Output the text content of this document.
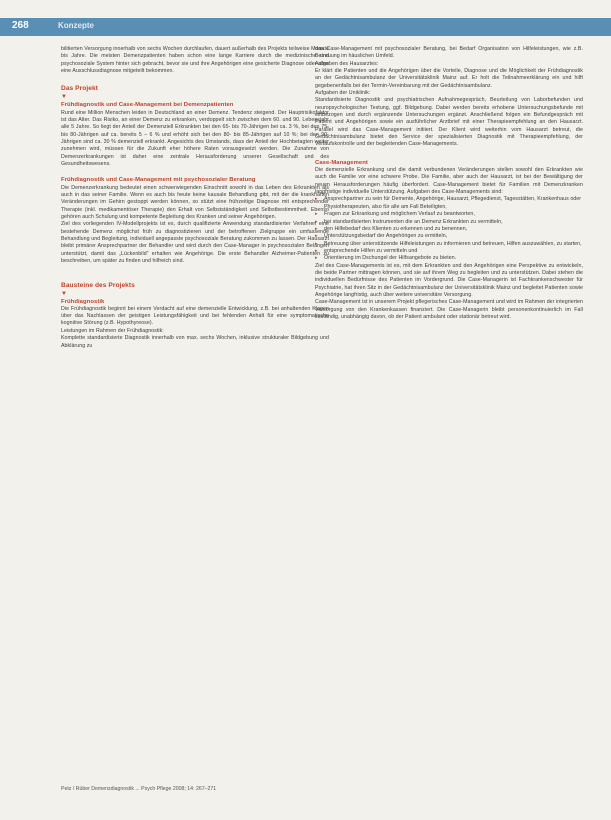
268	Konzepte

bilitierten Versorgung innerhalb von sechs Wochen durchlaufen, dauert außerhalb des Projekts teilweise Monate bis Jahre. Die meisten Demenzpatienten haben schon eine lange Karriere durch die medizinische und psychosoziale System hinter sich gebracht, bevor sie und ihre Angehörigen eine gesicherte Diagnose oder aber eine Ausschlussdiagnose mitgeteilt bekommen.

Das Projekt
▼
Frühdiagnostik und Case-Management bei Demenzpatienten

Rund eine Million Menschen leiden in Deutschland an einer Demenz. Tendenz steigend. Der Hauptrisikofaktor ist das Alter. Das Risiko, an einer Demenz zu erkranken, verdoppelt sich zwischen dem 60. und 90. Lebensjahr alle 5 Jahre. So liegt der Anteil der Demenziell Erkrankten bei den 65- bis 70-Jährigen bei ca. 3 %, bei den 75- bis 80-Jährigen auf ca. bereits 5 – 6 % und erhöht sich bei den 80- bis 85-Jährigen auf 10 %; bei den 90-Jährigen sind ca. 30 % demenziell erkrankt. Angesichts des Umstands, dass der Anteil der Hochbetagten weiter zunehmen wird, müssen für die Zukunft eher höhere Raten vorausgesetzt werden. Die Zunahme von Demenzerkrankungen ist daher eine zentrale Herausforderung unserer Gesellschaft und des Gesundheitswesens.

Frühdiagnostik und Case-Management mit psychosozialer Beratung

Die Demenzerkrankung bedeutet einen schwerwiegenden Einschnitt sowohl in das Leben des Erkrankten als auch in das seiner Familie. Wenn es auch bis heute keine kausale Behandlung gibt, mit der die krankhaften Veränderungen im Gehirn gestoppt werden können, so stützt eine frühzeitige Diagnose mit entsprechender Therapie (inkl. medikamentöser Therapie) den Erhalt von Selbstständigkeit und Selbstbestimmtheit. Ebenso gehören auch Schulung und kompetente Begleitung des Kranken und seiner Angehörigen.

Ziel des vorliegenden IV-Modellprojekts ist es, durch qualifizierte Anwendung standardisierter Verfahren eine bestehende Demenz möglichst früh zu diagnostizieren und der betroffenen Zielgruppe ein umfassende Behandlung und Begleitung, individuell angepasste psychosoziale Beratung zukommen zu lassen. Der Hausarzt bleibt primärer Ansprechpartner der Behandler und wird durch den Case-Manager in psychosozialen Belangen unterstützt, damit das „Lückenbild“ erhalten wie Angehörige. Die erste Behandler Alzheimer-Patienten zu beschreiben, um später zu finden und hilfreich sind.

Bausteine des Projekts
▼
Frühdiagnostik

Die Frühdiagnostik beginnt bei einem Verdacht auf eine demenzielle Entwicklung, z.B. bei anhaltenden Klagen über das Nachlassen der geistigen Leistungsfähigkeit und bei fehlenden Anhalt für eine symptomatische kognitive Störung (z.B. Hypothyreose).

Leistungen im Rahmen der Frühdiagnostik:

Komplette standardisierte Diagnostik innerhalb von max. sechs Wochen, inklusive strukturaler Bildgebung und Abklärung zu

das Case-Management mit psychosozialer Beratung, bei Bedarf Organisation von Hilfeleistungen, wie z.B. Betreuung im häuslichen Umfeld.

Aufgaben des Hausarztes:

Er klärt die Patienten und die Angehörigen über die Vorteile, Diagnose und die Möglichkeit der Frühdiagnostik an der Gedächtnisambulanz der Universitätsklinik Mainz auf. Er holt die Teilnahmeerklärung ein und hilft gegebenenfalls bei der Termin-Vereinbarung mit der Gedächtnisambulanz.

Aufgaben der Uniklinik:

Standardisierte Diagnostik und psychiatrischen Aufnahmegespräch, Beurteilung von Laborbefunden und neuropsychologischer Testung, ggf. Bildgebung. Dabei werden bereits erhobene Untersuchungsbefunde mit einbezogen und durch ergänzende Untersuchungen ergänzt. Anschließend folgen ein Befundgespräch mit Patient und Angehörigen sowie ein ausführlicher Arztbrief mit einer Therapieempfehlung an den Hausarzt. Parallel wird das Case-Management initiiert. Der Klient wird weiterhin vom Hausarzt betreut, die Gedächtnisambulanz bietet den Service der spezialisierten Diagnostik mit Therapieempfehlung, der Verlaufskontrolle und der begleitenden Case-Managements.

Case-Management

Die demenzielle Erkrankung und die damit verbundenen Veränderungen stellen sowohl den Erkrankten wie auch die Familie vor eine schwere Probe. Die Familie, aber auch der Hausarzt, ist bei der Bewältigung der neuen Herausforderungen häufig überfordert. Case-Management bietet für Familien mit Demenzkranken langfristige individuelle Unterstützung. Aufgaben des Case-Managements sind:

▸ Ansprechpartner zu sein für Demente, Angehörige, Hausarzt, Pflegedienst, Tagesstätten, Krankenhaus oder Physiotherapeuten, also für alle am Fall Beteiligten,
▸ Fragen zur Erkrankung und möglichem Verlauf zu beantworten,
▸ bei standardisierten Instrumenten die an Demenz Erkrankten zu vermitteln,
▸ den Hilfebedarf des Klienten zu erkennen und zu benennen,
▸ Unterstützungsbedarf der Angehörigen zu ermitteln,
▸ Betreuung über unterstützende Hilfeleistungen zu informieren und betreuen, Hilfen auszuwählen, zu starten,
▸ entsprechende Hilfen zu vermitteln und
▸ Orientierung im Dschungel der Hilfsangebote zu bieten.

Ziel des Case-Managements ist es, mit dem Erkrankten und den Angehörigen eine Perspektive zu entwickeln, die beide Partner mittragen können, und sie auf ihrem Weg zu begleiten und zu unterstützen. Dabei stehen die individuellen Bedürfnisse des Patienten im Vordergrund. Die Case-Managerin ist Fachkrankenschwester für Psychiatrie, hat ihren Sitz in der Gedächtnisambulanz der Universitätsklinik Mainz und begleitet Patienten sowie Angehörige langfristig, auch über weitere universitäre Versorgung.

Case-Management ist in unserem Projekt pflegerisches Case-Management und wird im Rahmen der integrierten Versorgung von den Krankenkassen finanziert. Die Case-Managerin bleibt personenkontinuierlich im Fall zuständig, unabhängig davon, ob der Patient ambulant oder stationär betreut wird.

Petz / Rüber Demenzdiagnostik ... Psych Pflege 2008; 14: 267–271
